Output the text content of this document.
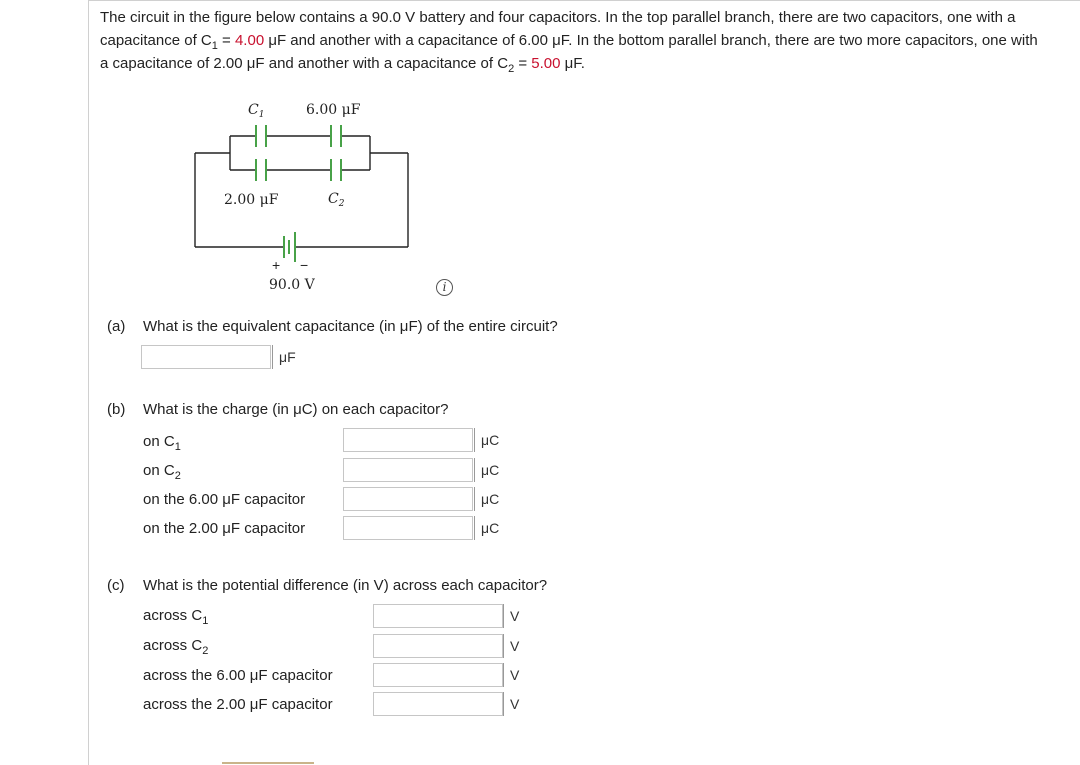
The circuit in the figure below contains a 90.0 V battery and four capacitors. In the top parallel branch, there are two capacitors, one with a capacitance of $C_1 = 4.00$ μF and another with a capacitance of 6.00 μF. In the bottom parallel branch, there are two more capacitors, one with a capacitance of 2.00 μF and another with a capacitance of $C_2 = 5.00$ μF.
$C_1$	6.00 μF
2.00 μF	$C_2$
+ −
90.0 V	i
(a) What is the equivalent capacitance (in μF) of the entire circuit?
μF
(b) What is the charge (in μC) on each capacitor?
on $C_1$	μC
on $C_2$	μC
on the 6.00 μF capacitor	μC
on the 2.00 μF capacitor	μC
(c) What is the potential difference (in V) across each capacitor?
across $C_1$	V
across $C_2$	V
across the 6.00 μF capacitor	V
across the 2.00 μF capacitor	V
